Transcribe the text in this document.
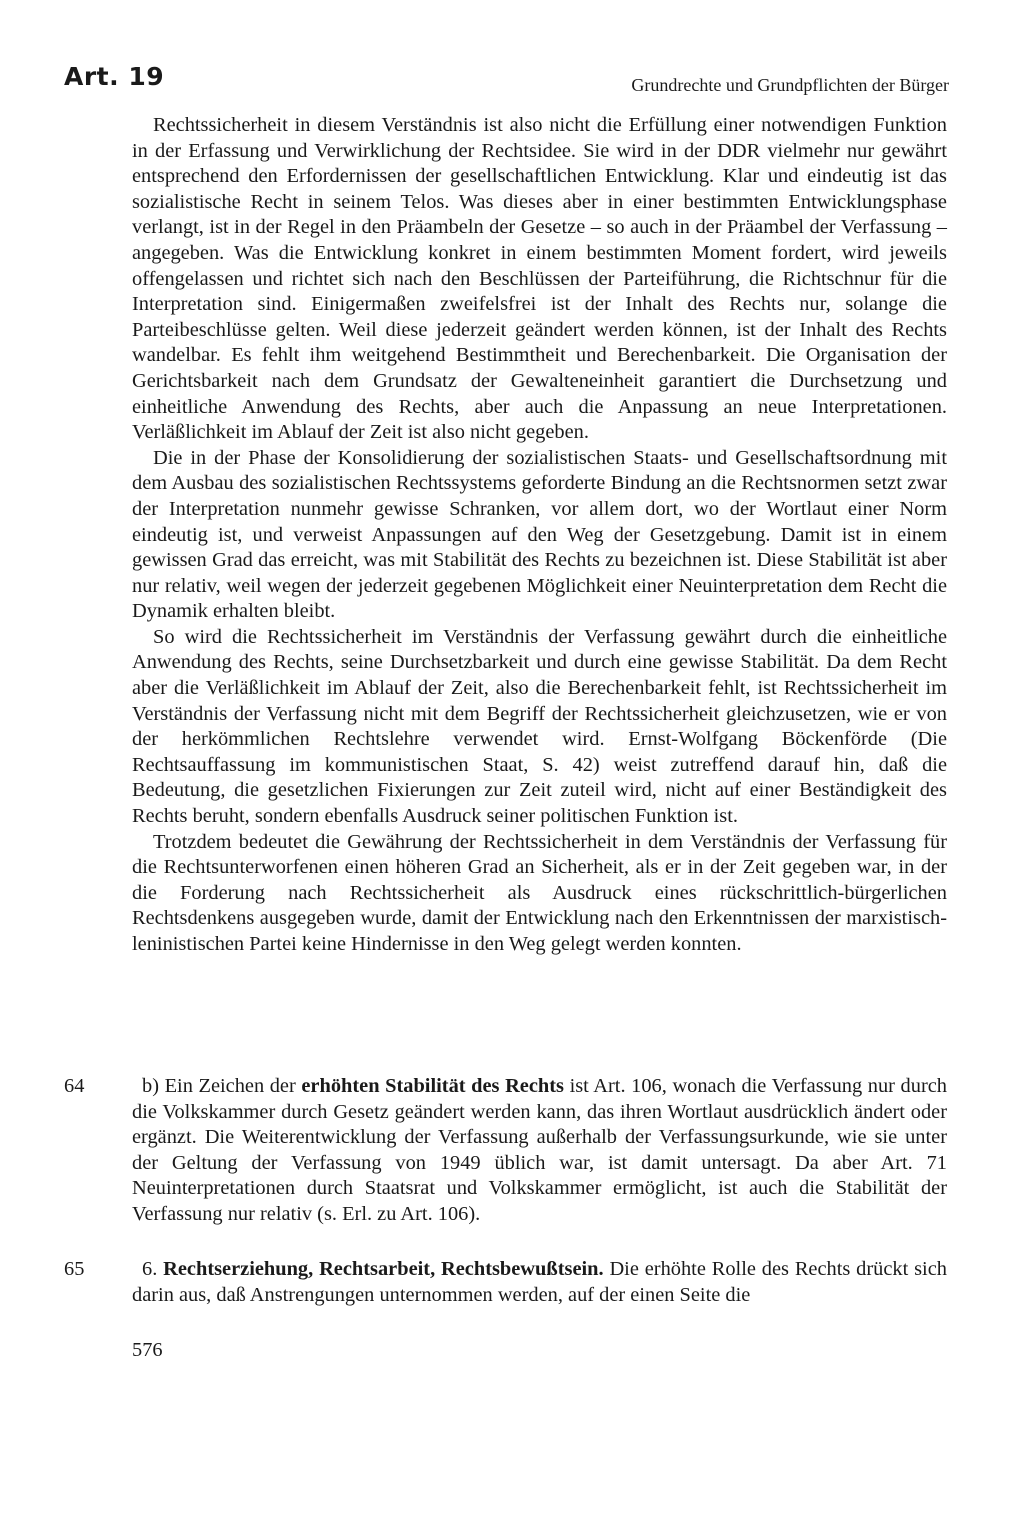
Art. 19	Grundrechte und Grundpflichten der Bürger

Rechtssicherheit in diesem Verständnis ist also nicht die Erfüllung einer notwendigen Funktion in der Erfassung und Verwirklichung der Rechtsidee. Sie wird in der DDR vielmehr nur gewährt entsprechend den Erfordernissen der gesellschaftlichen Entwicklung. Klar und eindeutig ist das sozialistische Recht in seinem Telos. Was dieses aber in einer bestimmten Entwicklungsphase verlangt, ist in der Regel in den Präambeln der Gesetze – so auch in der Präambel der Verfassung – angegeben. Was die Entwicklung konkret in einem bestimmten Moment fordert, wird jeweils offengelassen und richtet sich nach den Beschlüssen der Parteiführung, die Richtschnur für die Interpretation sind. Einigermaßen zweifelsfrei ist der Inhalt des Rechts nur, solange die Parteibeschlüsse gelten. Weil diese jederzeit geändert werden können, ist der Inhalt des Rechts wandelbar. Es fehlt ihm weitgehend Bestimmtheit und Berechenbarkeit. Die Organisation der Gerichtsbarkeit nach dem Grundsatz der Gewalteneinheit garantiert die Durchsetzung und einheitliche Anwendung des Rechts, aber auch die Anpassung an neue Interpretationen. Verläßlichkeit im Ablauf der Zeit ist also nicht gegeben.

Die in der Phase der Konsolidierung der sozialistischen Staats- und Gesellschaftsordnung mit dem Ausbau des sozialistischen Rechtssystems geforderte Bindung an die Rechtsnormen setzt zwar der Interpretation nunmehr gewisse Schranken, vor allem dort, wo der Wortlaut einer Norm eindeutig ist, und verweist Anpassungen auf den Weg der Gesetzgebung. Damit ist in einem gewissen Grad das erreicht, was mit Stabilität des Rechts zu bezeichnen ist. Diese Stabilität ist aber nur relativ, weil wegen der jederzeit gegebenen Möglichkeit einer Neuinterpretation dem Recht die Dynamik erhalten bleibt.

So wird die Rechtssicherheit im Verständnis der Verfassung gewährt durch die einheitliche Anwendung des Rechts, seine Durchsetzbarkeit und durch eine gewisse Stabilität. Da dem Recht aber die Verläßlichkeit im Ablauf der Zeit, also die Berechenbarkeit fehlt, ist Rechtssicherheit im Verständnis der Verfassung nicht mit dem Begriff der Rechtssicherheit gleichzusetzen, wie er von der herkömmlichen Rechtslehre verwendet wird. Ernst-Wolfgang Böckenförde (Die Rechtsauffassung im kommunistischen Staat, S. 42) weist zutreffend darauf hin, daß die Bedeutung, die gesetzlichen Fixierungen zur Zeit zuteil wird, nicht auf einer Beständigkeit des Rechts beruht, sondern ebenfalls Ausdruck seiner politischen Funktion ist.

Trotzdem bedeutet die Gewährung der Rechtssicherheit in dem Verständnis der Verfassung für die Rechtsunterworfenen einen höheren Grad an Sicherheit, als er in der Zeit gegeben war, in der die Forderung nach Rechtssicherheit als Ausdruck eines rückschrittlich-bürgerlichen Rechtsdenkens ausgegeben wurde, damit der Entwicklung nach den Erkenntnissen der marxistisch-leninistischen Partei keine Hindernisse in den Weg gelegt werden konnten.

64	b) Ein Zeichen der erhöhten Stabilität des Rechts ist Art. 106, wonach die Verfassung nur durch die Volkskammer durch Gesetz geändert werden kann, das ihren Wortlaut ausdrücklich ändert oder ergänzt. Die Weiterentwicklung der Verfassung außerhalb der Verfassungsurkunde, wie sie unter der Geltung der Verfassung von 1949 üblich war, ist damit untersagt. Da aber Art. 71 Neuinterpretationen durch Staatsrat und Volkskammer ermöglicht, ist auch die Stabilität der Verfassung nur relativ (s. Erl. zu Art. 106).

65	6. Rechtserziehung, Rechtsarbeit, Rechtsbewußtsein. Die erhöhte Rolle des Rechts drückt sich darin aus, daß Anstrengungen unternommen werden, auf der einen Seite die

576
